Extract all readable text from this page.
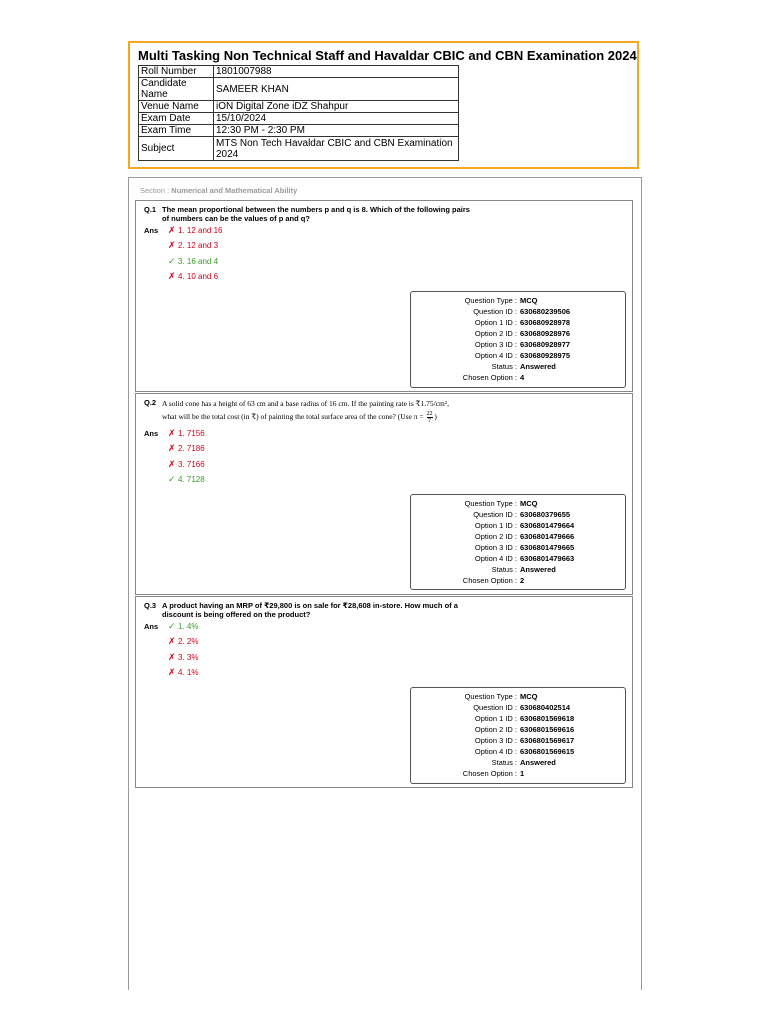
Multi Tasking Non Technical Staff and Havaldar CBIC and CBN Examination 2024
Roll Number	1801007988
Candidate Name	SAMEER KHAN
Venue Name	iON Digital Zone iDZ Shahpur
Exam Date	15/10/2024
Exam Time	12:30 PM - 2:30 PM
Subject	MTS Non Tech Havaldar CBIC and CBN Examination 2024
Section : Numerical and Mathematical Ability
Q.1 The mean proportional between the numbers p and q is 8. Which of the following pairs
of numbers can be the values of p and q?
Ans ✗ 1. 12 and 16
✗ 2. 12 and 3
✓ 3. 16 and 4
✗ 4. 10 and 6
Question Type : MCQ
Question ID : 630680239506
Option 1 ID : 630680928978
Option 2 ID : 630680928976
Option 3 ID : 630680928977
Option 4 ID : 630680928975
Status : Answered
Chosen Option : 4
Q.2 A solid cone has a height of 63 cm and a base radius of 16 cm. If the painting rate is ₹1.75/cm²,
what will be the total cost (in ₹) of painting the total surface area of the cone? (Use $\pi = \frac{22}{7}$ )
Ans ✗ 1. 7156
✗ 2. 7186
✗ 3. 7166
✓ 4. 7128
Question Type : MCQ
Question ID : 630680379655
Option 1 ID : 6306801479664
Option 2 ID : 6306801479666
Option 3 ID : 6306801479665
Option 4 ID : 6306801479663
Status : Answered
Chosen Option : 2
Q.3 A product having an MRP of ₹29,800 is on sale for ₹28,608 in-store. How much of a
discount is being offered on the product?
Ans ✓ 1. 4%
✗ 2. 2%
✗ 3. 3%
✗ 4. 1%
Question Type : MCQ
Question ID : 630680402514
Option 1 ID : 6306801569618
Option 2 ID : 6306801569616
Option 3 ID : 6306801569617
Option 4 ID : 6306801569615
Status : Answered
Chosen Option : 1
